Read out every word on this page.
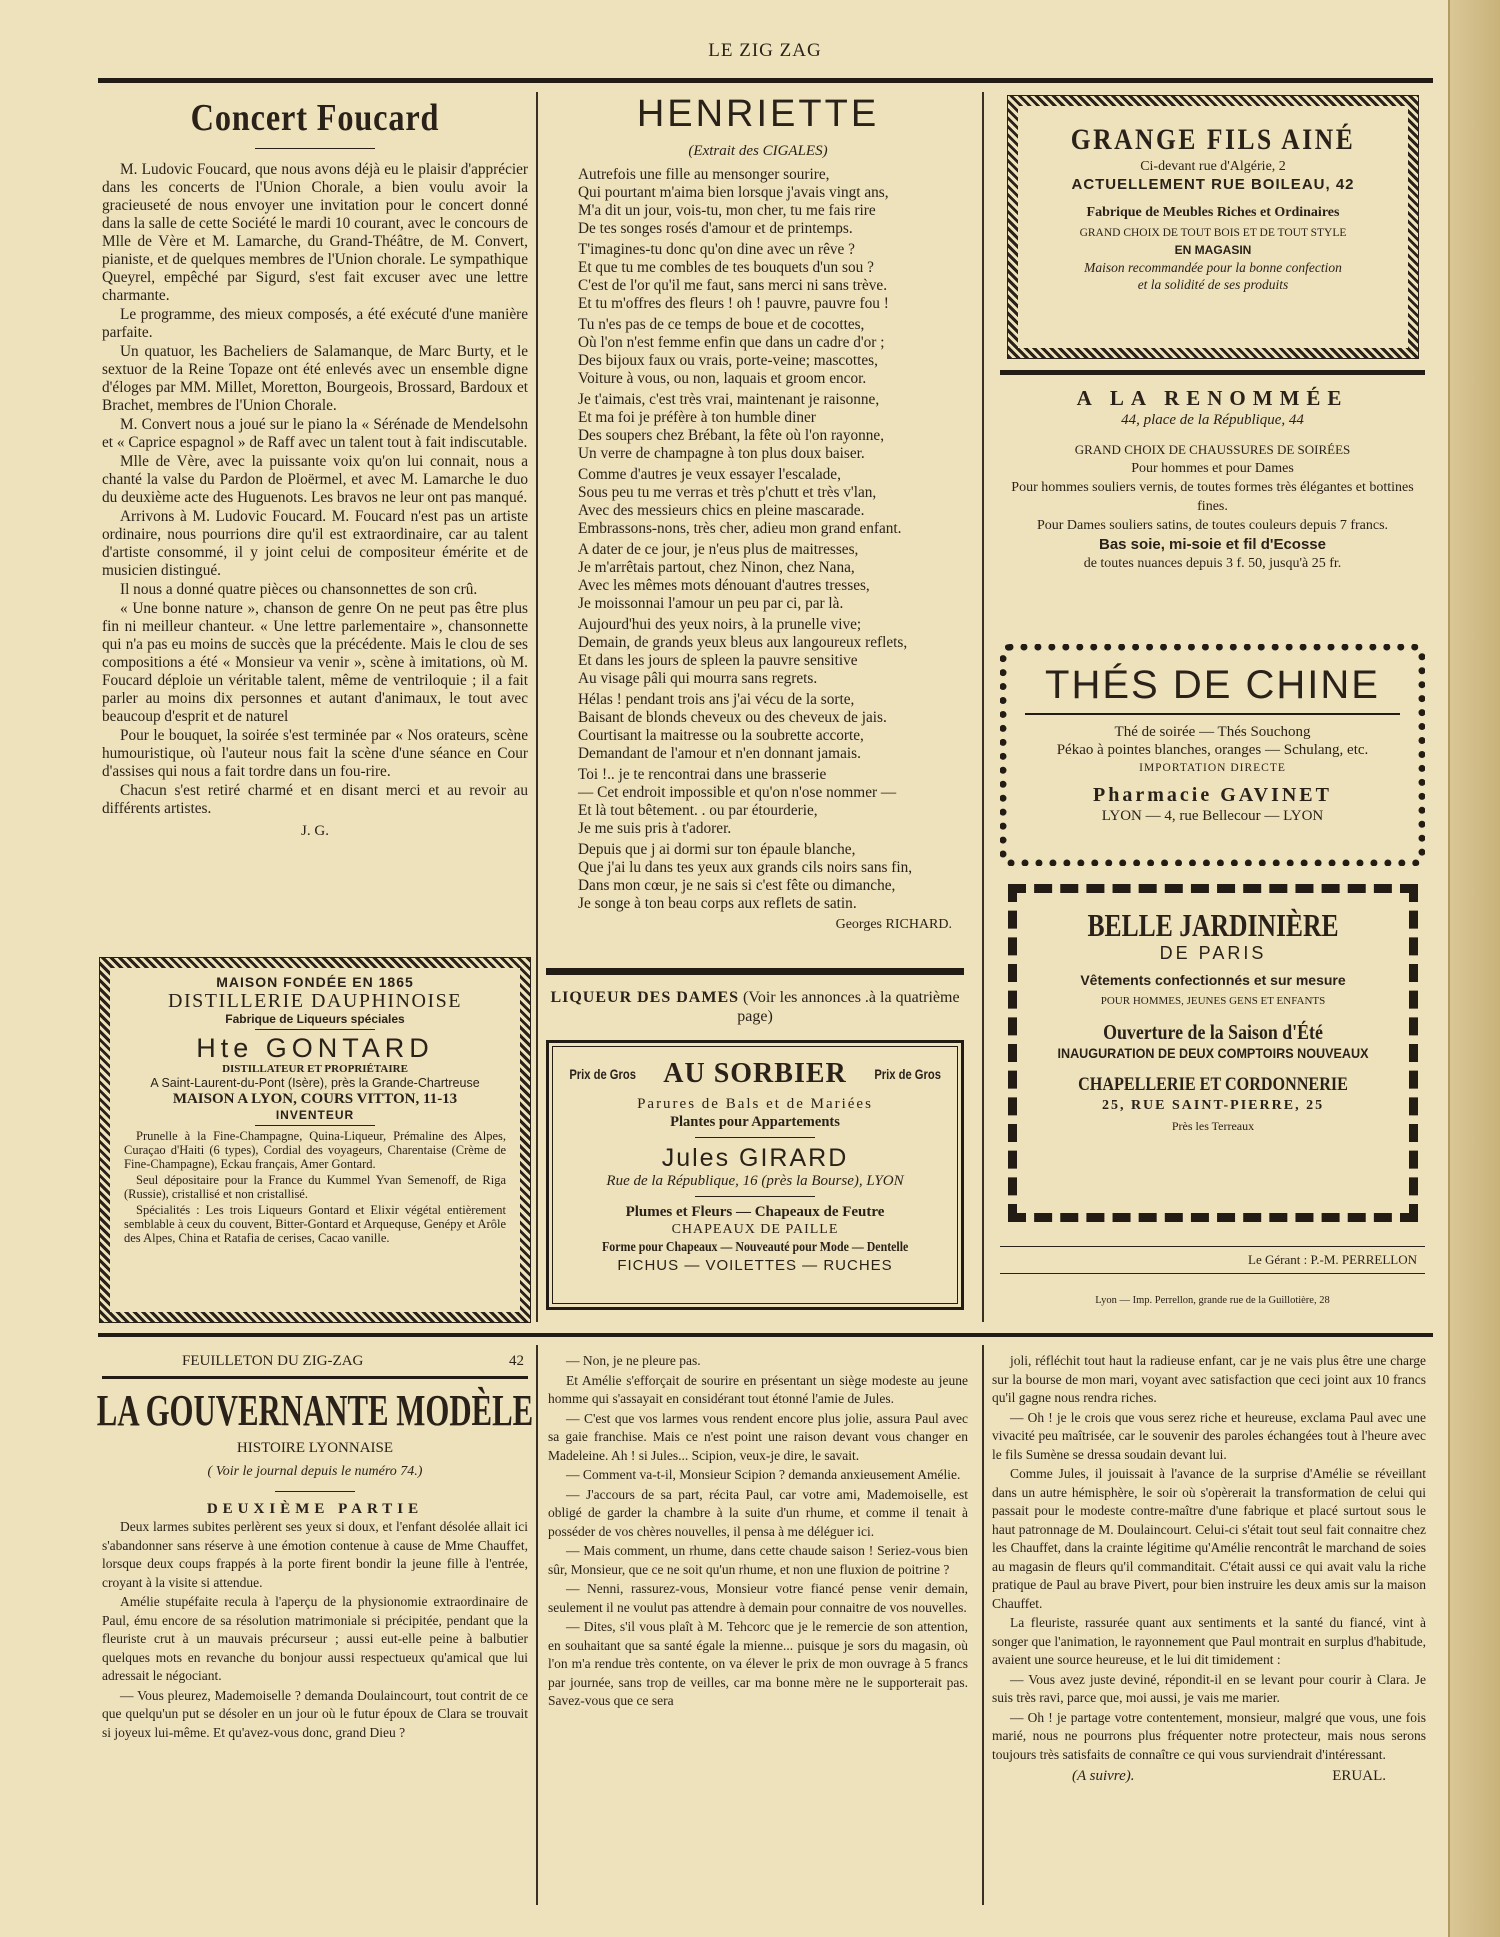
LE ZIG ZAG
Concert Foucard

M. Ludovic Foucard, que nous avons déjà eu le plaisir d'apprécier dans les concerts de l'Union Chorale, a bien voulu avoir la gracieuseté de nous envoyer une invitation pour le concert donné dans la salle de cette Société le mardi 10 courant, avec le concours de Mlle de Vère et M. Lamarche, du Grand-Théâtre, de M. Convert, pianiste, et de quelques membres de l'Union chorale. Le sympathique Queyrel, empêché par Sigurd, s'est fait excuser avec une lettre charmante.

Le programme, des mieux composés, a été exécuté d'une manière parfaite.

Un quatuor, les Bacheliers de Salamanque, de Marc Burty, et le sextuor de la Reine Topaze ont été enlevés avec un ensemble digne d'éloges par MM. Millet, Moretton, Bourgeois, Brossard, Bardoux et Brachet, membres de l'Union Chorale.

M. Convert nous a joué sur le piano la « Sérénade de Mendelsohn et « Caprice espagnol » de Raff avec un talent tout à fait indiscutable.

Mlle de Vère, avec la puissante voix qu'on lui connait, nous a chanté la valse du Pardon de Ploërmel, et avec M. Lamarche le duo du deuxième acte des Huguenots. Les bravos ne leur ont pas manqué.

Arrivons à M. Ludovic Foucard. M. Foucard n'est pas un artiste ordinaire, nous pourrions dire qu'il est extraordinaire, car au talent d'artiste consommé, il y joint celui de compositeur émérite et de musicien distingué.

Il nous a donné quatre pièces ou chansonnettes de son crû.

« Une bonne nature », chanson de genre On ne peut pas être plus fin ni meilleur chanteur. « Une lettre parlementaire », chansonnette qui n'a pas eu moins de succès que la précédente. Mais le clou de ses compositions a été « Monsieur va venir », scène à imitations, où M. Foucard déploie un véritable talent, même de ventriloquie ; il a fait parler au moins dix personnes et autant d'animaux, le tout avec beaucoup d'esprit et de naturel

Pour le bouquet, la soirée s'est terminée par « Nos orateurs, scène humouristique, où l'auteur nous fait la scène d'une séance en Cour d'assises qui nous a fait tordre dans un fou-rire.

Chacun s'est retiré charmé et en disant merci et au revoir au différents artistes.

J. G.
MAISON FONDÉE EN 1865
DISTILLERIE DAUPHINOISE
Fabrique de Liqueurs spéciales
Hte GONTARD
DISTILLATEUR ET PROPRIÉTAIRE
A Saint-Laurent-du-Pont (Isère), près la Grande-Chartreuse
MAISON A LYON, COURS VITTON, 11-13
INVENTEUR

Prunelle à la Fine-Champagne, Quina-Liqueur, Prémaline des Alpes, Curaçao d'Haiti (6 types), Cordial des voyageurs, Charentaise (Crème de Fine-Champagne), Eckau français, Amer Gontard.

Seul dépositaire pour la France du Kummel Yvan Semenoff, de Riga (Russie), cristallisé et non cristallisé.

Spécialités : Les trois Liqueurs Gontard et Elixir végétal entièrement semblable à ceux du couvent, Bitter-Gontard et Arquequse, Genépy et Arôle des Alpes, China et Ratafia de cerises, Cacao vanille.

HENRIETTE
(Extrait des CIGALES)
Autrefois une fille au mensonger sourire,
Qui pourtant m'aima bien lorsque j'avais vingt ans,
M'a dit un jour, vois-tu, mon cher, tu me fais rire
De tes songes rosés d'amour et de printemps.
T'imagines-tu donc qu'on dine avec un rêve ?
Et que tu me combles de tes bouquets d'un sou ?
C'est de l'or qu'il me faut, sans merci ni sans trève.
Et tu m'offres des fleurs ! oh ! pauvre, pauvre fou !
Tu n'es pas de ce temps de boue et de cocottes,
Où l'on n'est femme enfin que dans un cadre d'or ;
Des bijoux faux ou vrais, porte-veine; mascottes,
Voiture à vous, ou non, laquais et groom encor.
Je t'aimais, c'est très vrai, maintenant je raisonne,
Et ma foi je préfère à ton humble diner
Des soupers chez Brébant, la fête où l'on rayonne,
Un verre de champagne à ton plus doux baiser.
Comme d'autres je veux essayer l'escalade,
Sous peu tu me verras et très p'chutt et très v'lan,
Avec des messieurs chics en pleine mascarade.
Embrassons-nons, très cher, adieu mon grand enfant.
A dater de ce jour, je n'eus plus de maitresses,
Je m'arrêtais partout, chez Ninon, chez Nana,
Avec les mêmes mots dénouant d'autres tresses,
Je moissonnai l'amour un peu par ci, par là.
Aujourd'hui des yeux noirs, à la prunelle vive;
Demain, de grands yeux bleus aux langoureux reflets,
Et dans les jours de spleen la pauvre sensitive
Au visage pâli qui mourra sans regrets.
Hélas ! pendant trois ans j'ai vécu de la sorte,
Baisant de blonds cheveux ou des cheveux de jais.
Courtisant la maitresse ou la soubrette accorte,
Demandant de l'amour et n'en donnant jamais.
Toi !.. je te rencontrai dans une brasserie
— Cet endroit impossible et qu'on n'ose nommer —
Et là tout bêtement. . ou par étourderie,
Je me suis pris à t'adorer.
Depuis que j ai dormi sur ton épaule blanche,
Que j'ai lu dans tes yeux aux grands cils noirs sans fin,
Dans mon cœur, je ne sais si c'est fête ou dimanche,
Je songe à ton beau corps aux reflets de satin.
Georges RICHARD.
LIQUEUR DES DAMES (Voir les annonces .à la quatrième page)
Prix de Gros AU SORBIER Prix de Gros
Parures de Bals et de Mariées
Plantes pour Appartements
Jules GIRARD
Rue de la République, 16 (près la Bourse), LYON
Plumes et Fleurs — Chapeaux de Feutre
CHAPEAUX DE PAILLE
Forme pour Chapeaux — Nouveauté pour Mode — Dentelle
FICHUS — VOILETTES — RUCHES
GRANGE FILS AINÉ
Ci-devant rue d'Algérie, 2
ACTUELLEMENT RUE BOILEAU, 42
Fabrique de Meubles Riches et Ordinaires
GRAND CHOIX DE TOUT BOIS ET DE TOUT STYLE
EN MAGASIN
Maison recommandée pour la bonne confection
et la solidité de ses produits
A LA RENOMMÉE
44, place de la République, 44
GRAND CHOIX DE CHAUSSURES DE SOIRÉES
Pour hommes et pour Dames
Pour hommes souliers vernis, de toutes formes très élégantes et bottines fines.
Pour Dames souliers satins, de toutes couleurs depuis 7 francs.
Bas soie, mi-soie et fil d'Ecosse
de toutes nuances depuis 3 f. 50, jusqu'à 25 fr.
THÉS DE CHINE
Thé de soirée — Thés Souchong
Pékao à pointes blanches, oranges — Schulang, etc.
IMPORTATION DIRECTE
Pharmacie GAVINET
LYON — 4, rue Bellecour — LYON
BELLE JARDINIÈRE
DE PARIS
Vêtements confectionnés et sur mesure
POUR HOMMES, JEUNES GENS ET ENFANTS
Ouverture de la Saison d'Été
INAUGURATION DE DEUX COMPTOIRS NOUVEAUX
CHAPELLERIE ET CORDONNERIE
25, RUE SAINT-PIERRE, 25
Près les Terreaux
Le Gérant : P.-M. PERRELLON
Lyon — Imp. Perrellon, grande rue de la Guillotière, 28
FEUILLETON DU ZIG-ZAG	42
LA GOUVERNANTE MODÈLE
HISTOIRE LYONNAISE
( Voir le journal depuis le numéro 74.)
DEUXIÈME PARTIE

Deux larmes subites perlèrent ses yeux si doux, et l'enfant désolée allait ici s'abandonner sans réserve à une émotion contenue à cause de Mme Chauffet, lorsque deux coups frappés à la porte firent bondir la jeune fille à l'entrée, croyant à la visite si attendue.

Amélie stupéfaite recula à l'aperçu de la physionomie extraordinaire de Paul, ému encore de sa résolution matrimoniale si précipitée, pendant que la fleuriste crut à un mauvais précurseur ; aussi eut-elle peine à balbutier quelques mots en revanche du bonjour aussi respectueux qu'amical que lui adressait le négociant.

— Vous pleurez, Mademoiselle ? demanda Doulaincourt, tout contrit de ce que quelqu'un put se désoler en un jour où le futur époux de Clara se trouvait si joyeux lui-même. Et qu'avez-vous donc, grand Dieu ?

— Non, je ne pleure pas.

Et Amélie s'efforçait de sourire en présentant un siège modeste au jeune homme qui s'assayait en considérant tout étonné l'amie de Jules.

— C'est que vos larmes vous rendent encore plus jolie, assura Paul avec sa gaie franchise. Mais ce n'est point une raison devant vous changer en Madeleine. Ah ! si Jules... Scipion, veux-je dire, le savait.

— Comment va-t-il, Monsieur Scipion ? demanda anxieusement Amélie.

— J'accours de sa part, récita Paul, car votre ami, Mademoiselle, est obligé de garder la chambre à la suite d'un rhume, et comme il tenait à posséder de vos chères nouvelles, il pensa à me déléguer ici.

— Mais comment, un rhume, dans cette chaude saison ! Seriez-vous bien sûr, Monsieur, que ce ne soit qu'un rhume, et non une fluxion de poitrine ?

— Nenni, rassurez-vous, Monsieur votre fiancé pense venir demain, seulement il ne voulut pas attendre à demain pour connaitre de vos nouvelles.

— Dites, s'il vous plaît à M. Tehcorc que je le remercie de son attention, en souhaitant que sa santé égale la mienne... puisque je sors du magasin, où l'on m'a rendue très contente, on va élever le prix de mon ouvrage à 5 francs par journée, sans trop de veilles, car ma bonne mère ne le supporterait pas. Savez-vous que ce sera

joli, réfléchit tout haut la radieuse enfant, car je ne vais plus être une charge sur la bourse de mon mari, voyant avec satisfaction que ceci joint aux 10 francs qu'il gagne nous rendra riches.

— Oh ! je le crois que vous serez riche et heureuse, exclama Paul avec une vivacité peu maîtrisée, car le souvenir des paroles échangées tout à l'heure avec le fils Sumène se dressa soudain devant lui.

Comme Jules, il jouissait à l'avance de la surprise d'Amélie se réveillant dans un autre hémisphère, le soir où s'opèrerait la transformation de celui qui passait pour le modeste contre-maître d'une fabrique et placé surtout sous le haut patronnage de M. Doulaincourt. Celui-ci s'était tout seul fait connaitre chez les Chauffet, dans la crainte légitime qu'Amélie rencontrât le marchand de soies au magasin de fleurs qu'il commanditait. C'était aussi ce qui avait valu la riche pratique de Paul au brave Pivert, pour bien instruire les deux amis sur la maison Chauffet.

La fleuriste, rassurée quant aux sentiments et la santé du fiancé, vint à songer que l'animation, le rayonnement que Paul montrait en surplus d'habitude, avaient une source heureuse, et le lui dit timidement :

— Vous avez juste deviné, répondit-il en se levant pour courir à Clara. Je suis très ravi, parce que, moi aussi, je vais me marier.

— Oh ! je partage votre contentement, monsieur, malgré que vous, une fois marié, nous ne pourrons plus fréquenter notre protecteur, mais nous serons toujours très satisfaits de connaître ce qui vous surviendrait d'intéressant.

(A suivre).	ERUAL.
